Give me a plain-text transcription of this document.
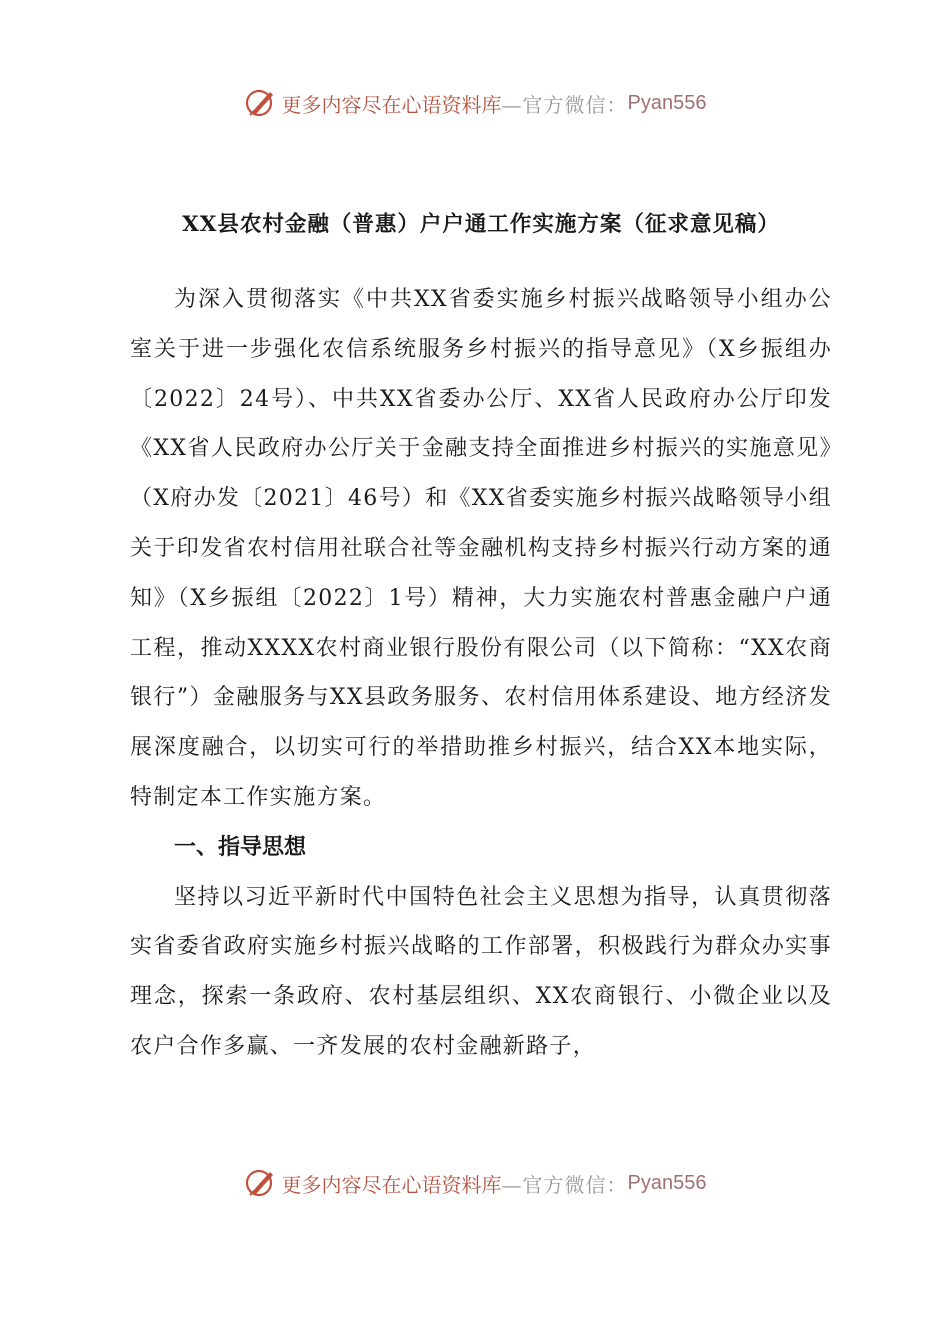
更多内容尽在心语资料库 —官方微信： Pyan556
XX县农村金融（普惠）户户通工作实施方案（征求意见稿）

为深入贯彻落实《中共XX省委实施乡村振兴战略领导小组办公室关于进一步强化农信系统服务乡村振兴的指导意见》（X乡振组办〔2022〕24号）、中共XX省委办公厅、XX省人民政府办公厅印发《XX省人民政府办公厅关于金融支持全面推进乡村振兴的实施意见》（X府办发〔2021〕46号）和《XX省委实施乡村振兴战略领导小组关于印发省农村信用社联合社等金融机构支持乡村振兴行动方案的通知》（X乡振组〔2022〕1号）精神，大力实施农村普惠金融户户通工程，推动XXXX农村商业银行股份有限公司（以下简称：“XX农商银行”）金融服务与XX县政务服务、农村信用体系建设、地方经济发展深度融合，以切实可行的举措助推乡村振兴，结合XX本地实际，特制定本工作实施方案。

一、指导思想

坚持以习近平新时代中国特色社会主义思想为指导，认真贯彻落实省委省政府实施乡村振兴战略的工作部署，积极践行为群众办实事理念，探索一条政府、农村基层组织、XX农商银行、小微企业以及农户合作多赢、一齐发展的农村金融新路子，

更多内容尽在心语资料库 —官方微信： Pyan556
